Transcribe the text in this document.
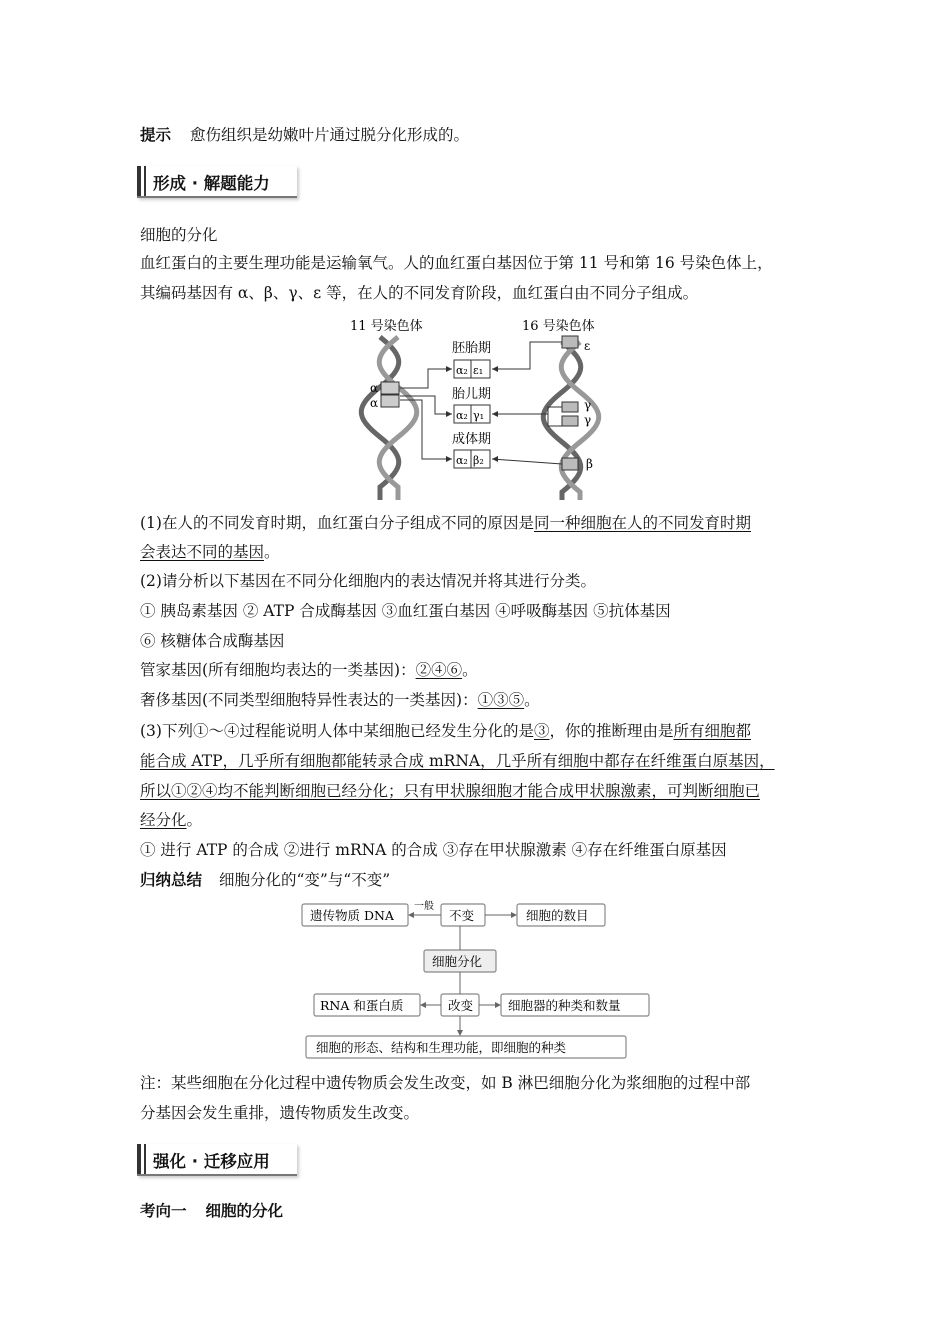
提示 愈伤组织是幼嫩叶片通过脱分化形成的。
形成 · 解题能力
细胞的分化
血红蛋白的主要生理功能是运输氧气。人的血红蛋白基因位于第 11 号和第 16 号染色体上，
其编码基因有 α、β、γ、ε 等，在人的不同发育阶段，血红蛋白由不同分子组成。
11 号染色体	16 号染色体
α
α
ε
γ
γ
β
胚胎期
胎儿期
成体期
α₂ ε₁
α₂ γ₁
α₂ β₂
(1)在人的不同发育时期，血红蛋白分子组成不同的原因是同一种细胞在人的不同发育时期
会表达不同的基因。
(2)请分析以下基因在不同分化细胞内的表达情况并将其进行分类。
① 胰岛素基因 ② ATP 合成酶基因 ③血红蛋白基因 ④呼吸酶基因 ⑤抗体基因
⑥ 核糖体合成酶基因
管家基因(所有细胞均表达的一类基因)：②④⑥。
奢侈基因(不同类型细胞特异性表达的一类基因)：①③⑤。
(3)下列①～④过程能说明人体中某细胞已经发生分化的是③，你的推断理由是所有细胞都
能合成 ATP，几乎所有细胞都能转录合成 mRNA，几乎所有细胞中都存在纤维蛋白原基因，
所以①②④均不能判断细胞已经分化；只有甲状腺细胞才能合成甲状腺激素，可判断细胞已
经分化。
① 进行 ATP 的合成 ②进行 mRNA 的合成 ③存在甲状腺激素 ④存在纤维蛋白原基因
归纳总结 细胞分化的“变”与“不变”
遗传物质 DNA
一般
不变	细胞的数目
细胞分化
RNA 和蛋白质	改变	细胞器的种类和数量
细胞的形态、结构和生理功能，即细胞的种类
注：某些细胞在分化过程中遗传物质会发生改变，如 B 淋巴细胞分化为浆细胞的过程中部
分基因会发生重排，遗传物质发生改变。
强化 · 迁移应用
考向一 细胞的分化
